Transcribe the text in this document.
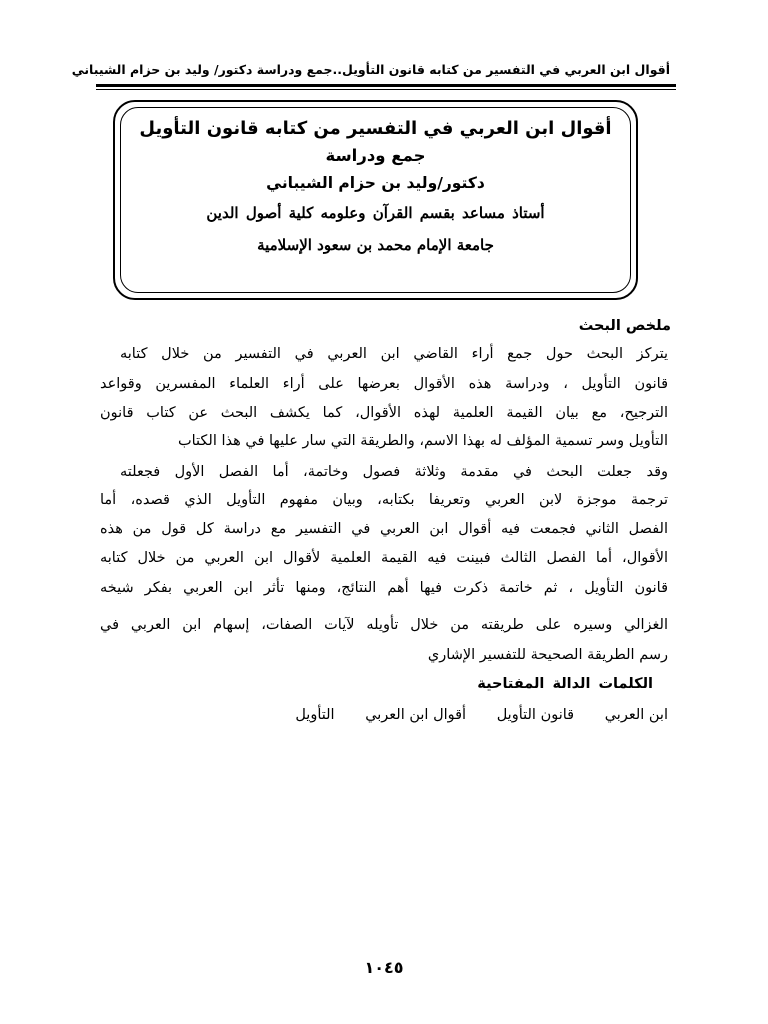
أقوال ابن العربي في التفسير من كتابه قانون التأويل..جمع ودراسة دكتور/ وليد بن حزام الشيباني
أقوال ابن العربي في التفسير من كتابه قانون التأويل
جمع ودراسة
دكتور/وليد بن حزام الشيباني
أستاذ مساعد بقسم القرآن وعلومه كلية أصول الدين
جامعة الإمام محمد بن سعود الإسلامية
ملخص البحث
يتركز البحث حول جمع أراء القاضي ابن العربي في التفسير من خلال كتابه
قانون التأويل ، ودراسة هذه الأقوال بعرضها على أراء العلماء المفسرين وقواعد
الترجيح، مع بيان القيمة العلمية لهذه الأقوال، كما يكشف البحث عن كتاب قانون
التأويل وسر تسمية المؤلف له بهذا الاسم، والطريقة التي سار عليها في هذا الكتاب
وقد جعلت البحث في مقدمة وثلاثة فصول وخاتمة، أما الفصل الأول فجعلته
ترجمة موجزة لابن العربي وتعريفا بكتابه، وبيان مفهوم التأويل الذي قصده، أما
الفصل الثاني فجمعت فيه أقوال ابن العربي في التفسير مع دراسة كل قول من هذه
الأقوال، أما الفصل الثالث فبينت فيه القيمة العلمية لأقوال ابن العربي من خلال كتابه
قانون التأويل ، ثم خاتمة ذكرت فيها أهم النتائج، ومنها تأثر ابن العربي بفكر شيخه
الغزالي وسيره على طريقته من خلال تأويله لآيات الصفات، إسهام ابن العربي في
رسم الطريقة الصحيحة للتفسير الإشاري
الكلمات الدالة المفتاحية
ابن العربي قانون التأويل أقوال ابن العربي التأويل
١٠٤٥
